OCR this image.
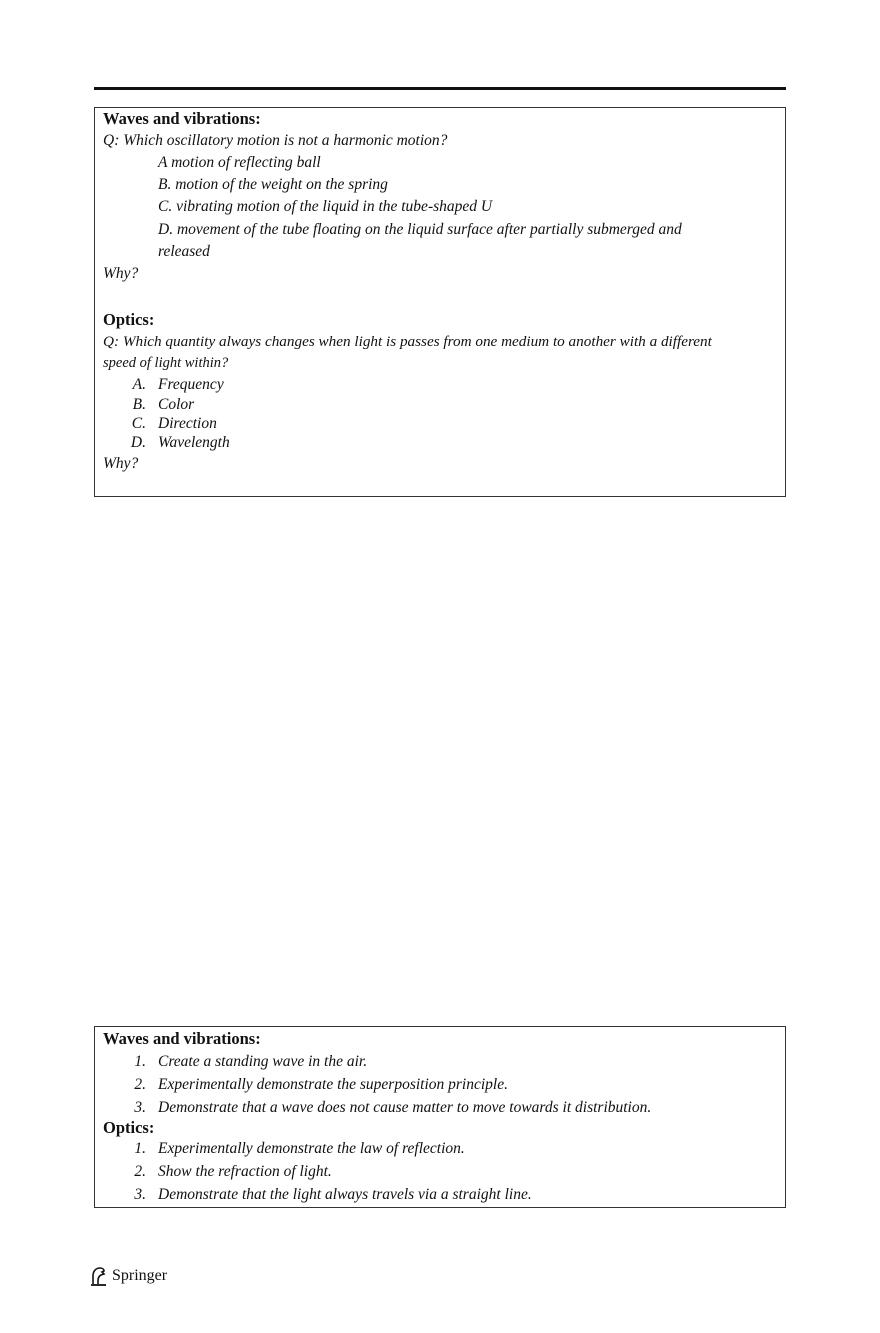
Waves and vibrations:
Q: Which oscillatory motion is not a harmonic motion?
A motion of reflecting ball
B. motion of the weight on the spring
C. vibrating motion of the liquid in the tube-shaped U
D. movement of the tube floating on the liquid surface after partially submerged and
released
Why?
Optics:
Q: Which quantity always changes when light is passes from one medium to another with a different
speed of light within?
A. Frequency
B. Color
C. Direction
D. Wavelength
Why?
Waves and vibrations:
1. Create a standing wave in the air.
2. Experimentally demonstrate the superposition principle.
3. Demonstrate that a wave does not cause matter to move towards it distribution.
Optics:
1. Experimentally demonstrate the law of reflection.
2. Show the refraction of light.
3. Demonstrate that the light always travels via a straight line.
Springer
